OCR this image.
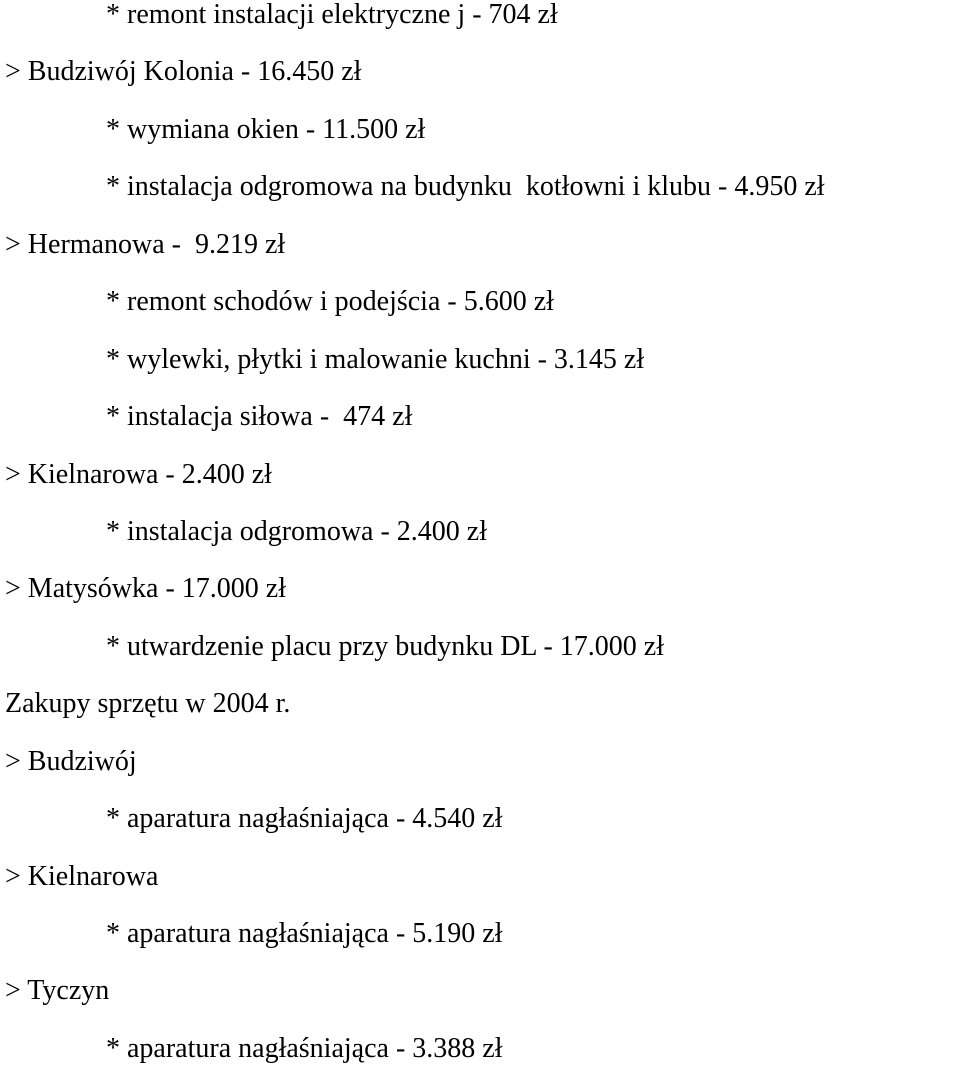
* remont instalacji elektryczne j - 704 zł
> Budziwój Kolonia - 16.450 zł
* wymiana okien - 11.500 zł
* instalacja odgromowa na budynku  kotłowni i klubu - 4.950 zł
> Hermanowa -  9.219 zł
* remont schodów i podejścia - 5.600 zł
* wylewki, płytki i malowanie kuchni - 3.145 zł
* instalacja siłowa -  474 zł
> Kielnarowa - 2.400 zł
* instalacja odgromowa - 2.400 zł
> Matysówka - 17.000 zł
* utwardzenie placu przy budynku DL - 17.000 zł
Zakupy sprzętu w 2004 r.
> Budziwój
* aparatura nagłaśniająca - 4.540 zł
> Kielnarowa
* aparatura nagłaśniająca - 5.190 zł
> Tyczyn
* aparatura nagłaśniająca - 3.388 zł
